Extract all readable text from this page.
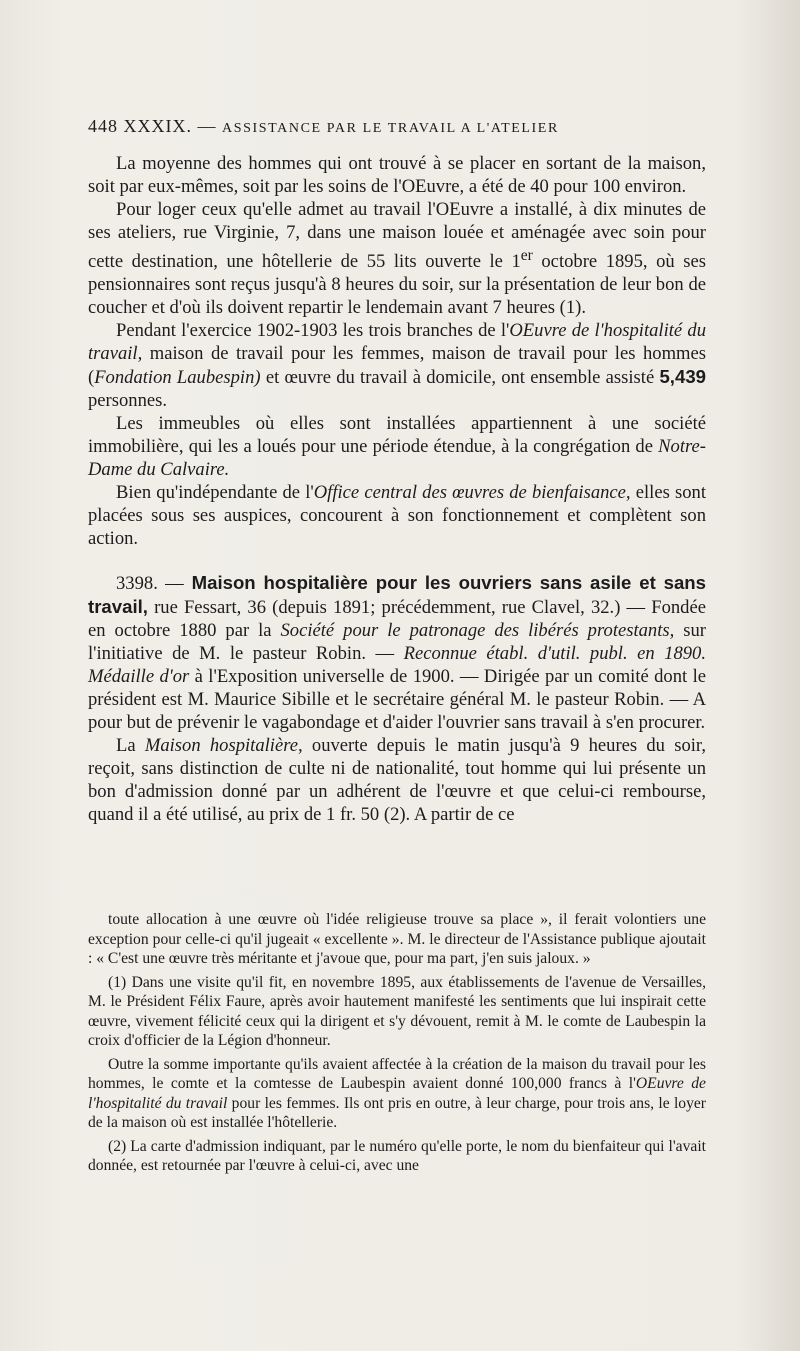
448 XXXIX. — ASSISTANCE PAR LE TRAVAIL A L'ATELIER

La moyenne des hommes qui ont trouvé à se placer en sortant de la maison, soit par eux-mêmes, soit par les soins de l'OEuvre, a été de 40 pour 100 environ.

Pour loger ceux qu'elle admet au travail l'OEuvre a installé, à dix minutes de ses ateliers, rue Virginie, 7, dans une maison louée et aménagée avec soin pour cette destination, une hôtellerie de 55 lits ouverte le 1er octobre 1895, où ses pensionnaires sont reçus jusqu'à 8 heures du soir, sur la présentation de leur bon de coucher et d'où ils doivent repartir le lendemain avant 7 heures (1).

Pendant l'exercice 1902-1903 les trois branches de l'OEuvre de l'hospitalité du travail, maison de travail pour les femmes, maison de travail pour les hommes (Fondation Laubespin) et œuvre du travail à domicile, ont ensemble assisté 5,439 personnes.

Les immeubles où elles sont installées appartiennent à une société immobilière, qui les a loués pour une période étendue, à la congrégation de Notre-Dame du Calvaire.

Bien qu'indépendante de l'Office central des œuvres de bienfaisance, elles sont placées sous ses auspices, concourent à son fonctionnement et complètent son action.

3398. — Maison hospitalière pour les ouvriers sans asile et sans travail, rue Fessart, 36 (depuis 1891; précédemment, rue Clavel, 32.) — Fondée en octobre 1880 par la Société pour le patronage des libérés protestants, sur l'initiative de M. le pasteur Robin. — Reconnue établ. d'util. publ. en 1890. Médaille d'or à l'Exposition universelle de 1900. — Dirigée par un comité dont le président est M. Maurice Sibille et le secrétaire général M. le pasteur Robin. — A pour but de prévenir le vagabondage et d'aider l'ouvrier sans travail à s'en procurer.

La Maison hospitalière, ouverte depuis le matin jusqu'à 9 heures du soir, reçoit, sans distinction de culte ni de nationalité, tout homme qui lui présente un bon d'admission donné par un adhérent de l'œuvre et que celui-ci rembourse, quand il a été utilisé, au prix de 1 fr. 50 (2). A partir de ce

toute allocation à une œuvre où l'idée religieuse trouve sa place », il ferait volontiers une exception pour celle-ci qu'il jugeait « excellente ». M. le directeur de l'Assistance publique ajoutait : « C'est une œuvre très méritante et j'avoue que, pour ma part, j'en suis jaloux. »

(1) Dans une visite qu'il fit, en novembre 1895, aux établissements de l'avenue de Versailles, M. le Président Félix Faure, après avoir hautement manifesté les sentiments que lui inspirait cette œuvre, vivement félicité ceux qui la dirigent et s'y dévouent, remit à M. le comte de Laubespin la croix d'officier de la Légion d'honneur.

Outre la somme importante qu'ils avaient affectée à la création de la maison du travail pour les hommes, le comte et la comtesse de Laubespin avaient donné 100,000 francs à l'OEuvre de l'hospitalité du travail pour les femmes. Ils ont pris en outre, à leur charge, pour trois ans, le loyer de la maison où est installée l'hôtellerie.

(2) La carte d'admission indiquant, par le numéro qu'elle porte, le nom du bienfaiteur qui l'avait donnée, est retournée par l'œuvre à celui-ci, avec une
